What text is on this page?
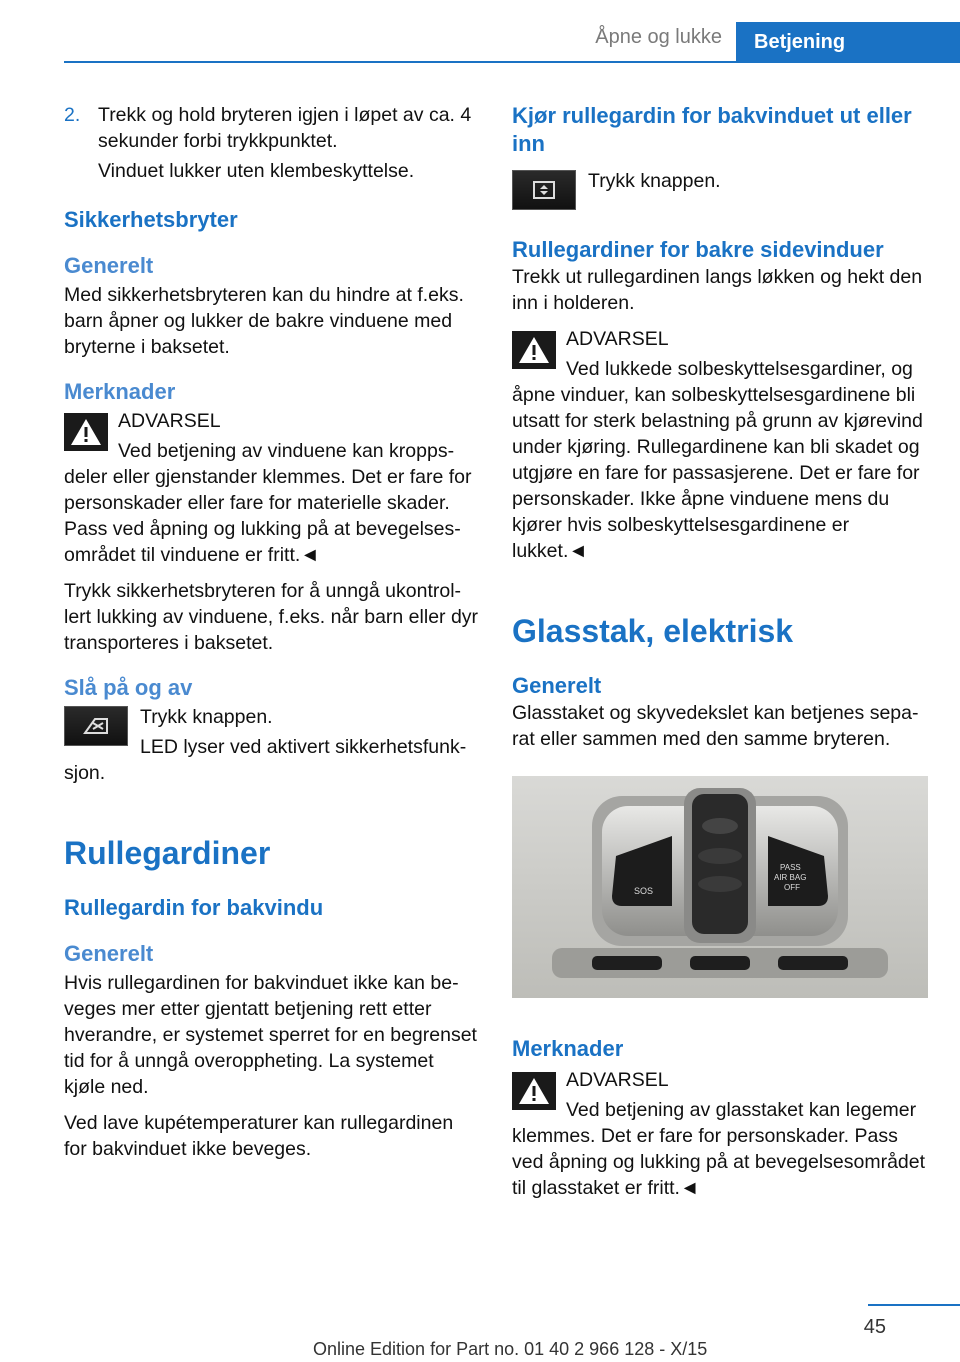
Åpne og lukke	Betjening
2. Trekk og hold bryteren igjen i løpet av ca. 4 sekunder forbi trykkpunktet.

Vinduet lukker uten klembeskyttelse.

Sikkerhetsbryter
Generelt

Med sikkerhetsbryteren kan du hindre at f.eks. barn åpner og lukker de bakre vinduene med bryterne i baksetet.

Merknader
ADVARSEL
Ved betjening av vinduene kan kroppsdeler eller gjenstander klemmes. Det er fare for personskader eller fare for materielle skader. Pass ved åpning og lukking på at bevegelsesområdet til vinduene er fritt.◄

Trykk sikkerhetsbryteren for å unngå ukontrollert lukking av vinduene, f.eks. når barn eller dyr transporteres i baksetet.

Slå på og av

Trykk knappen.

LED lyser ved aktivert sikkerhetsfunksjon.
Rullegardiner
Rullegardin for bakvindu
Generelt

Hvis rullegardinen for bakvinduet ikke kan beveges mer etter gjentatt betjening rett etter hverandre, er systemet sperret for en begrenset tid for å unngå overoppheting. La systemet kjøle ned.

Ved lave kupétemperaturer kan rullegardinen for bakvinduet ikke beveges.

Kjør rullegardin for bakvinduet ut eller inn

Trykk knappen.

Rullegardiner for bakre sidevinduer

Trekk ut rullegardinen langs løkken og hekt den inn i holderen.

ADVARSEL
Ved lukkede solbeskyttelsesgardiner, og åpne vinduer, kan solbeskyttelsesgardinene bli utsatt for sterk belastning på grunn av kjørevind under kjøring. Rullegardinene kan bli skadet og utgjøre en fare for passasjerene. Det er fare for personskader. Ikke åpne vinduene mens du kjører hvis solbeskyttelsesgardinene er lukket.◄
Glasstak, elektrisk
Generelt

Glasstaket og skyvedekslet kan betjenes separat eller sammen med den samme bryteren.

SOS
PASS
AIR BAG
OFF
Merknader
ADVARSEL
Ved betjening av glasstaket kan legemer klemmes. Det er fare for personskader. Pass ved åpning og lukking på at bevegelsesområdet til glasstaket er fritt.◄
45
Online Edition for Part no. 01 40 2 966 128 - X/15
